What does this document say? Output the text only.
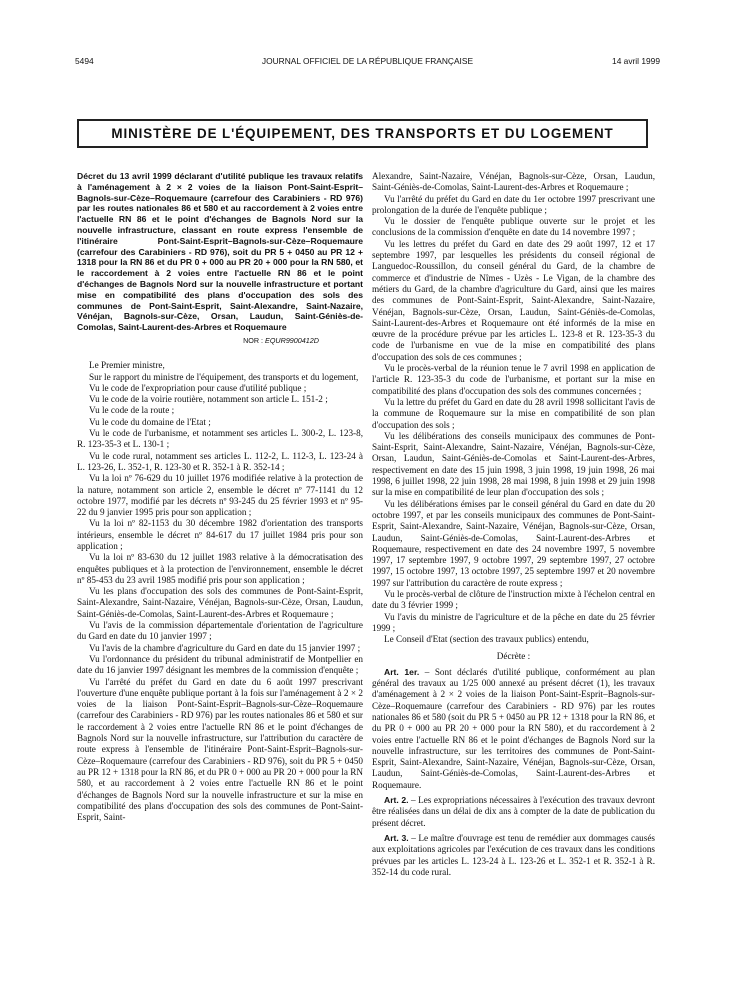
5494	JOURNAL OFFICIEL DE LA RÉPUBLIQUE FRANÇAISE	14 avril 1999
MINISTÈRE DE L'ÉQUIPEMENT, DES TRANSPORTS ET DU LOGEMENT
Décret du 13 avril 1999 déclarant d'utilité publique les travaux relatifs à l'aménagement à 2 × 2 voies de la liaison Pont-Saint-Esprit–Bagnols-sur-Cèze–Roquemaure (carrefour des Carabiniers - RD 976) par les routes nationales 86 et 580 et au raccordement à 2 voies entre l'actuelle RN 86 et le point d'échanges de Bagnols Nord sur la nouvelle infrastructure, classant en route express l'ensemble de l'itinéraire Pont-Saint-Esprit–Bagnols-sur-Cèze–Roquemaure (carrefour des Carabiniers - RD 976), soit du PR 5 + 0450 au PR 12 + 1318 pour la RN 86 et du PR 0 + 000 au PR 20 + 000 pour la RN 580, et le raccordement à 2 voies entre l'actuelle RN 86 et le point d'échanges de Bagnols Nord sur la nouvelle infrastructure et portant mise en compatibilité des plans d'occupation des sols des communes de Pont-Saint-Esprit, Saint-Alexandre, Saint-Nazaire, Vénéjan, Bagnols-sur-Cèze, Orsan, Laudun, Saint-Géniès-de-Comolas, Saint-Laurent-des-Arbres et Roquemaure
NOR : EQUR9900412D

Le Premier ministre,

Sur le rapport du ministre de l'équipement, des transports et du logement,

Vu le code de l'expropriation pour cause d'utilité publique ;

Vu le code de la voirie routière, notamment son article L. 151-2 ;

Vu le code de la route ;

Vu le code du domaine de l'Etat ;

Vu le code de l'urbanisme, et notamment ses articles L. 300-2, L. 123-8, R. 123-35-3 et L. 130-1 ;

Vu le code rural, notamment ses articles L. 112-2, L. 112-3, L. 123-24 à L. 123-26, L. 352-1, R. 123-30 et R. 352-1 à R. 352-14 ;

Vu la loi nº 76-629 du 10 juillet 1976 modifiée relative à la protection de la nature, notamment son article 2, ensemble le décret nº 77-1141 du 12 octobre 1977, modifié par les décrets nº 93-245 du 25 février 1993 et nº 95-22 du 9 janvier 1995 pris pour son application ;

Vu la loi nº 82-1153 du 30 décembre 1982 d'orientation des transports intérieurs, ensemble le décret nº 84-617 du 17 juillet 1984 pris pour son application ;

Vu la loi nº 83-630 du 12 juillet 1983 relative à la démocratisation des enquêtes publiques et à la protection de l'environnement, ensemble le décret nº 85-453 du 23 avril 1985 modifié pris pour son application ;

Vu les plans d'occupation des sols des communes de Pont-Saint-Esprit, Saint-Alexandre, Saint-Nazaire, Vénéjan, Bagnols-sur-Cèze, Orsan, Laudun, Saint-Géniès-de-Comolas, Saint-Laurent-des-Arbres et Roquemaure ;

Vu l'avis de la commission départementale d'orientation de l'agriculture du Gard en date du 10 janvier 1997 ;

Vu l'avis de la chambre d'agriculture du Gard en date du 15 janvier 1997 ;

Vu l'ordonnance du président du tribunal administratif de Montpellier en date du 16 janvier 1997 désignant les membres de la commission d'enquête ;

Vu l'arrêté du préfet du Gard en date du 6 août 1997 prescrivant l'ouverture d'une enquête publique portant à la fois sur l'aménagement à 2 × 2 voies de la liaison Pont-Saint-Esprit–Bagnols-sur-Cèze–Roquemaure (carrefour des Carabiniers - RD 976) par les routes nationales 86 et 580 et sur le raccordement à 2 voies entre l'actuelle RN 86 et le point d'échanges de Bagnols Nord sur la nouvelle infrastructure, sur l'attribution du caractère de route express à l'ensemble de l'itinéraire Pont-Saint-Esprit–Bagnols-sur-Cèze–Roquemaure (carrefour des Carabiniers - RD 976), soit du PR 5 + 0450 au PR 12 + 1318 pour la RN 86, et du PR 0 + 000 au PR 20 + 000 pour la RN 580, et au raccordement à 2 voies entre l'actuelle RN 86 et le point d'échanges de Bagnols Nord sur la nouvelle infrastructure et sur la mise en compatibilité des plans d'occupation des sols des communes de Pont-Saint-Esprit, Saint-

Alexandre, Saint-Nazaire, Vénéjan, Bagnols-sur-Cèze, Orsan, Laudun, Saint-Géniès-de-Comolas, Saint-Laurent-des-Arbres et Roquemaure ;

Vu l'arrêté du préfet du Gard en date du 1er octobre 1997 prescrivant une prolongation de la durée de l'enquête publique ;

Vu le dossier de l'enquête publique ouverte sur le projet et les conclusions de la commission d'enquête en date du 14 novembre 1997 ;

Vu les lettres du préfet du Gard en date des 29 août 1997, 12 et 17 septembre 1997, par lesquelles les présidents du conseil régional de Languedoc-Roussillon, du conseil général du Gard, de la chambre de commerce et d'industrie de Nîmes - Uzès - Le Vigan, de la chambre des métiers du Gard, de la chambre d'agriculture du Gard, ainsi que les maires des communes de Pont-Saint-Esprit, Saint-Alexandre, Saint-Nazaire, Vénéjan, Bagnols-sur-Cèze, Orsan, Laudun, Saint-Géniès-de-Comolas, Saint-Laurent-des-Arbres et Roquemaure ont été informés de la mise en œuvre de la procédure prévue par les articles L. 123-8 et R. 123-35-3 du code de l'urbanisme en vue de la mise en compatibilité des plans d'occupation des sols de ces communes ;

Vu le procès-verbal de la réunion tenue le 7 avril 1998 en application de l'article R. 123-35-3 du code de l'urbanisme, et portant sur la mise en compatibilité des plans d'occupation des sols des communes concernées ;

Vu la lettre du préfet du Gard en date du 28 avril 1998 sollicitant l'avis de la commune de Roquemaure sur la mise en compatibilité de son plan d'occupation des sols ;

Vu les délibérations des conseils municipaux des communes de Pont-Saint-Esprit, Saint-Alexandre, Saint-Nazaire, Vénéjan, Bagnols-sur-Cèze, Orsan, Laudun, Saint-Géniès-de-Comolas et Saint-Laurent-des-Arbres, respectivement en date des 15 juin 1998, 3 juin 1998, 19 juin 1998, 26 mai 1998, 6 juillet 1998, 22 juin 1998, 28 mai 1998, 8 juin 1998 et 29 juin 1998 sur la mise en compatibilité de leur plan d'occupation des sols ;

Vu les délibérations émises par le conseil général du Gard en date du 20 octobre 1997, et par les conseils municipaux des communes de Pont-Saint-Esprit, Saint-Alexandre, Saint-Nazaire, Vénéjan, Bagnols-sur-Cèze, Orsan, Laudun, Saint-Géniès-de-Comolas, Saint-Laurent-des-Arbres et Roquemaure, respectivement en date des 24 novembre 1997, 5 novembre 1997, 17 septembre 1997, 9 octobre 1997, 29 septembre 1997, 27 octobre 1997, 15 octobre 1997, 13 octobre 1997, 25 septembre 1997 et 20 novembre 1997 sur l'attribution du caractère de route express ;

Vu le procès-verbal de clôture de l'instruction mixte à l'échelon central en date du 3 février 1999 ;

Vu l'avis du ministre de l'agriculture et de la pêche en date du 25 février 1999 ;

Le Conseil d'Etat (section des travaux publics) entendu,

Décrète :

Art. 1er. – Sont déclarés d'utilité publique, conformément au plan général des travaux au 1/25 000 annexé au présent décret (1), les travaux d'aménagement à 2 × 2 voies de la liaison Pont-Saint-Esprit–Bagnols-sur-Cèze–Roquemaure (carrefour des Carabiniers - RD 976) par les routes nationales 86 et 580 (soit du PR 5 + 0450 au PR 12 + 1318 pour la RN 86, et du PR 0 + 000 au PR 20 + 000 pour la RN 580), et du raccordement à 2 voies entre l'actuelle RN 86 et le point d'échanges de Bagnols Nord sur la nouvelle infrastructure, sur les territoires des communes de Pont-Saint-Esprit, Saint-Alexandre, Saint-Nazaire, Vénéjan, Bagnols-sur-Cèze, Orsan, Laudun, Saint-Géniès-de-Comolas, Saint-Laurent-des-Arbres et Roquemaure.

Art. 2. – Les expropriations nécessaires à l'exécution des travaux devront être réalisées dans un délai de dix ans à compter de la date de publication du présent décret.

Art. 3. – Le maître d'ouvrage est tenu de remédier aux dommages causés aux exploitations agricoles par l'exécution de ces travaux dans les conditions prévues par les articles L. 123-24 à L. 123-26 et L. 352-1 et R. 352-1 à R. 352-14 du code rural.
